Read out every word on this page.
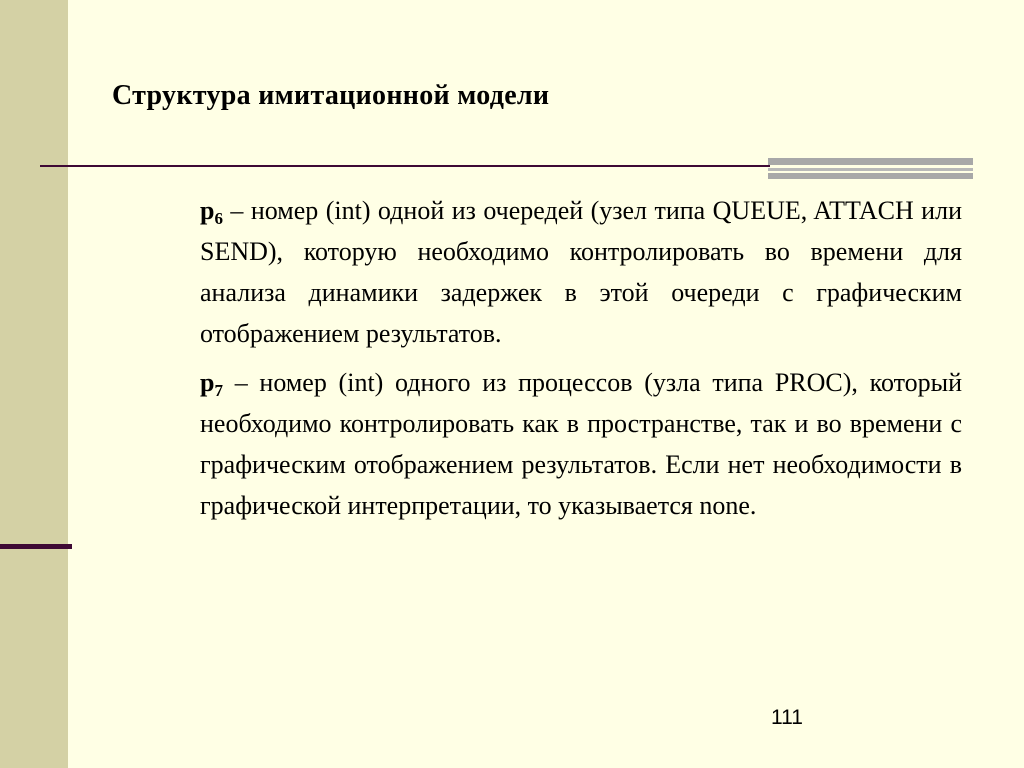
Структура имитационной модели

$p_6$ – номер (int) одной из очередей (узел типа QUEUE, ATTACH или SEND), которую необходимо контролировать во времени для анализа динамики задержек в этой очереди с графическим отображением результатов.

$p_7$ – номер (int) одного из процессов (узла типа PROC), который необходимо контролировать как в пространстве, так и во времени с графическим отображением результатов. Если нет необходимости в графической интерпретации, то указывается none.

111
